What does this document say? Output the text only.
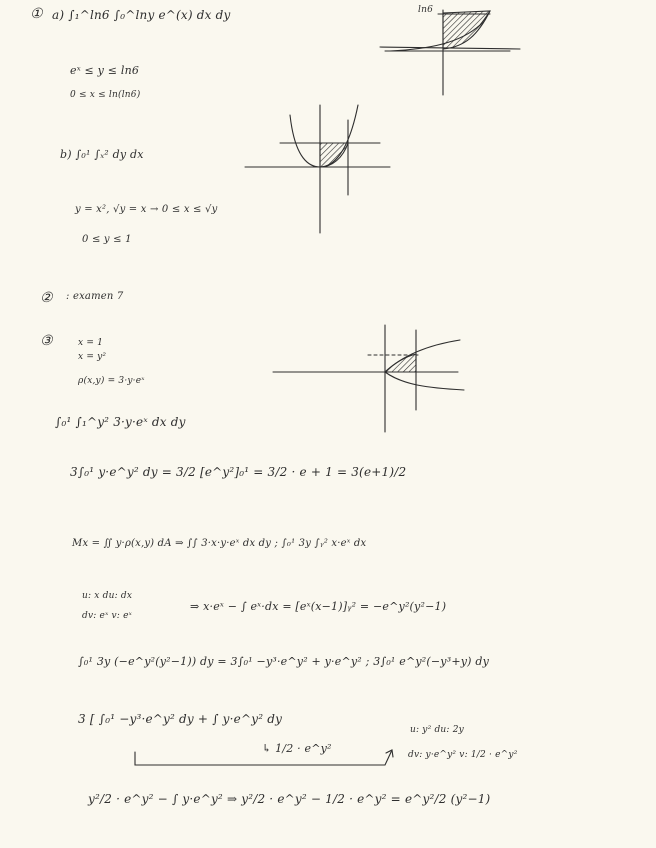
① a) ∫₁^ln6 ∫₀^lny e^(x) dx dy
eˣ ≤ y ≤ ln6
0 ≤ x ≤ ln(ln6)
ln6
b) ∫₀¹ ∫ₓ² dy dx
y = x², √y = x → 0 ≤ x ≤ √y
0 ≤ y ≤ 1
② : examen 7
③	x = 1
x = y²
ρ(x,y) = 3·y·eˣ
∫₀¹ ∫₁^y² 3·y·eˣ dx dy
3∫₀¹ y·e^y² dy = 3/2 [e^y²]₀¹ = 3/2 · e + 1 = 3(e+1)/2
Mx = ∬ y·ρ(x,y) dA ⇒ ∫∫ 3·x·y·eˣ dx dy ; ∫₀¹ 3y ∫ᵧ² x·eˣ dx
u: x du: dx
dv: eˣ v: eˣ
⇒ x·eˣ − ∫ eˣ·dx = [eˣ(x−1)]ᵧ² = −e^y²(y²−1)
∫₀¹ 3y (−e^y²(y²−1)) dy = 3∫₀¹ −y³·e^y² + y·e^y² ; 3∫₀¹ e^y²(−y³+y) dy
3 [ ∫₀¹ −y³·e^y² dy + ∫ y·e^y² dy
↳ 1/2 · e^y²
u: y² du: 2y
dv: y·e^y² v: 1/2 · e^y²
y²/2 · e^y² − ∫ y·e^y² ⇒ y²/2 · e^y² − 1/2 · e^y² = e^y²/2 (y²−1)
